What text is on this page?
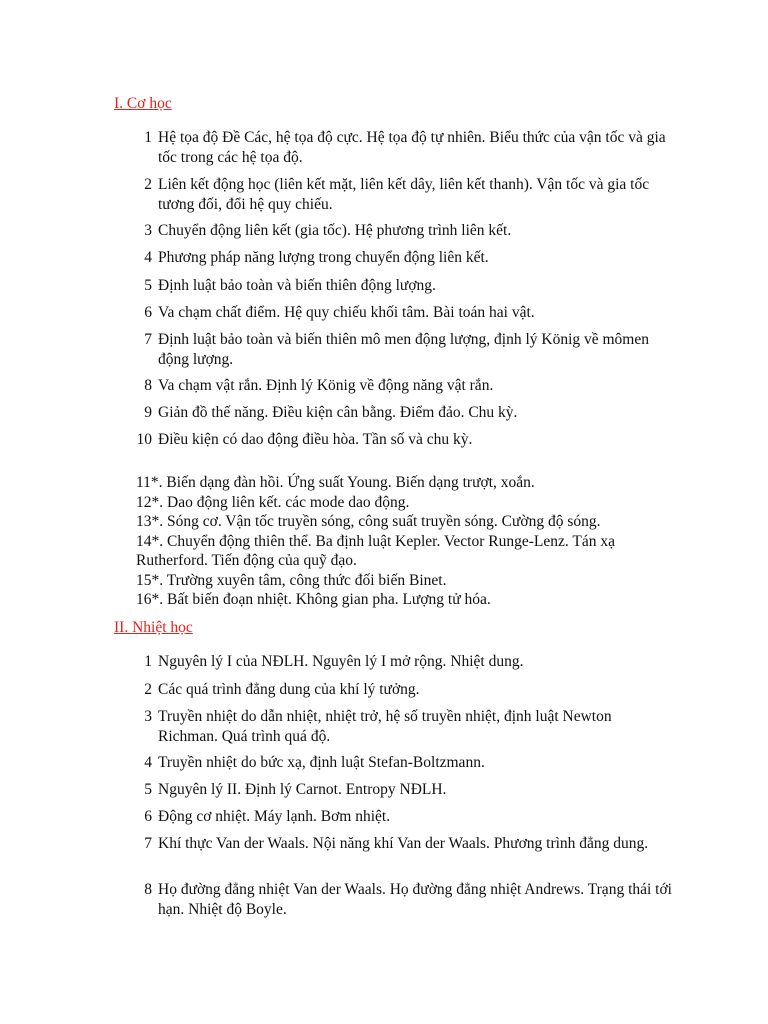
I. Cơ học
1 Hệ tọa độ Đề Các, hệ tọa độ cực. Hệ tọa độ tự nhiên. Biểu thức của vận tốc và gia tốc trong các hệ tọa độ.
2 Liên kết động học (liên kết mặt, liên kết dây, liên kết thanh). Vận tốc và gia tốc tương đối, đổi hệ quy chiếu.
3 Chuyển động liên kết (gia tốc). Hệ phương trình liên kết.
4 Phương pháp năng lượng trong chuyển động liên kết.
5 Định luật bảo toàn và biến thiên động lượng.
6 Va chạm chất điểm. Hệ quy chiếu khối tâm. Bài toán hai vật.
7 Định luật bảo toàn và biến thiên mô men động lượng, định lý König về mômen động lượng.
8 Va chạm vật rắn. Định lý König về động năng vật rắn.
9 Giản đồ thế năng. Điều kiện cân bằng. Điểm đảo. Chu kỳ.
10 Điều kiện có dao động điều hòa. Tần số và chu kỳ.

11*. Biến dạng đàn hồi. Ứng suất Young. Biến dạng trượt, xoắn.

12*. Dao động liên kết. các mode dao động.

13*. Sóng cơ. Vận tốc truyền sóng, công suất truyền sóng. Cường độ sóng.

14*. Chuyển động thiên thể. Ba định luật Kepler. Vector Runge-Lenz. Tán xạ Rutherford. Tiến động của quỹ đạo.

15*. Trường xuyên tâm, công thức đối biến Binet.

16*. Bất biến đoạn nhiệt. Không gian pha. Lượng tử hóa.

II. Nhiệt học
1 Nguyên lý I của NĐLH. Nguyên lý I mở rộng. Nhiệt dung.
2 Các quá trình đẳng dung của khí lý tưởng.
3 Truyền nhiệt do dẫn nhiệt, nhiệt trở, hệ số truyền nhiệt, định luật Newton Richman. Quá trình quá độ.
4 Truyền nhiệt do bức xạ, định luật Stefan-Boltzmann.
5 Nguyên lý II. Định lý Carnot. Entropy NĐLH.
6 Động cơ nhiệt. Máy lạnh. Bơm nhiệt.
7 Khí thực Van der Waals. Nội năng khí Van der Waals. Phương trình đẳng dung.
8 Họ đường đẳng nhiệt Van der Waals. Họ đường đẳng nhiệt Andrews. Trạng thái tới hạn. Nhiệt độ Boyle.
